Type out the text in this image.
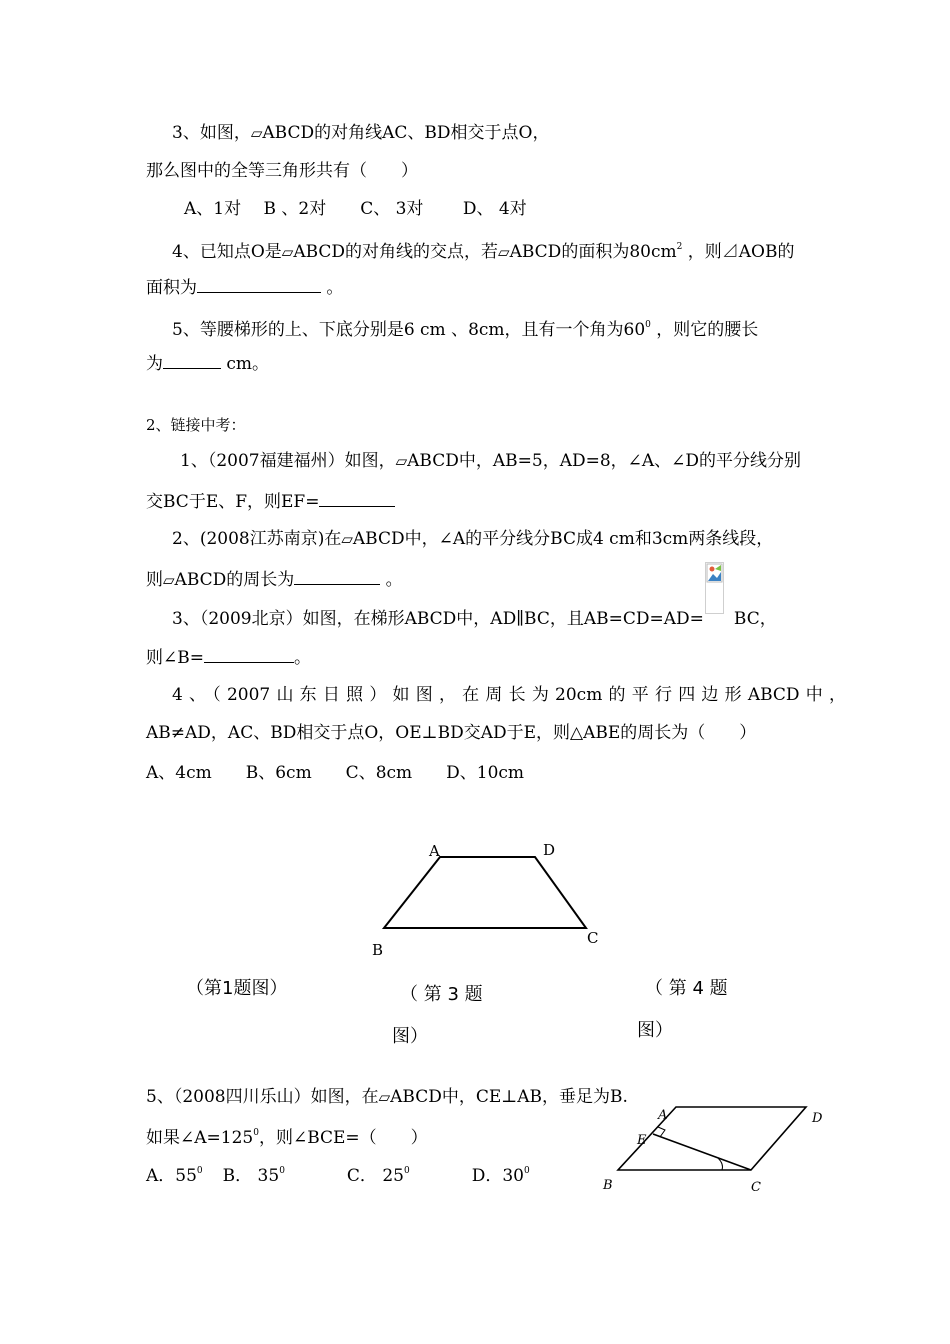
3、如图，▱ABCD的对角线AC、BD相交于点O，
那么图中的全等三角形共有（　　）
A、1对　 B 、2对　　C、 3对　　 D、 4对
4、已知点O是▱ABCD的对角线的交点，若▱ABCD的面积为$80cm^2$ ，则⊿AOB的
面积为	。
5、等腰梯形的上、下底分别是6 cm 、8cm，且有一个角为$60^0$ ，则它的腰长
为	cm。
2、链接中考：
1、（2007福建福州）如图，▱ABCD中，AB=5，AD=8，∠A、∠D的平分线分别
交BC于E、F，则EF=
2、(2008江苏南京)在▱ABCD中，∠A的平分线分BC成4 cm和3cm两条线段，
则▱ABCD的周长为	。
3、（2009北京）如图，在梯形ABCD中，AD∥BC，且AB=CD=AD= BC，
则∠B=	。
4、（2007山东日照）如图，在周长为20cm的平行四边形ABCD中，
AB≠AD，AC、BD相交于点O，OE⊥BD交AD于E，则△ABE的周长为（　　）
A、4cm　　B、6cm　　C、8cm　　D、10cm
A	D
B
C
（第1题图）	（ 第 3 题
图）
（ 第 4 题
图）
5、（2008四川乐山）如图，在▱ABCD中，CE⊥AB，垂足为B.
如果$\angle A=125^0$，则∠BCE=（　　）
A．$55^0$ B． $35^0$	C． $25^0$	D．$30^0$
A	D
E
B	C
